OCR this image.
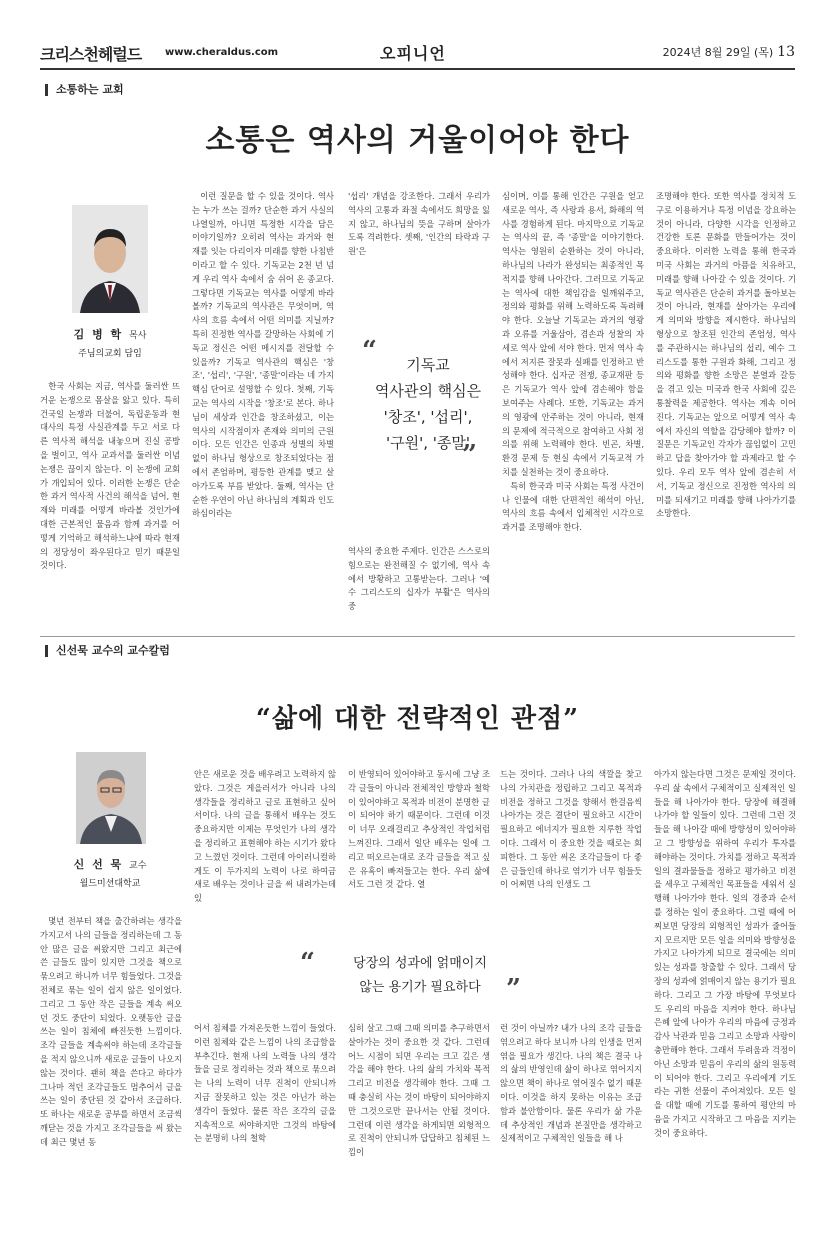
크리스천헤럴드 www.cheraldus.com	오피니언	2024년 8월 29일 (목) 13
소통하는 교회
소통은 역사의 거울이어야 한다
김 병 학 목사
주님의교회 담임

한국 사회는 지금, 역사를 둘러싼 뜨거운 논쟁으로 몸살을 앓고 있다. 특히 건국일 논쟁과 더불어, 독립운동과 현대사의 특정 사실관계를 두고 서로 다른 역사적 해석을 내놓으며 진실 공방을 벌이고, 역사 교과서를 둘러싼 이념 논쟁은 끊이지 않는다. 이 논쟁에 교회가 개입되어 있다. 이러한 논쟁은 단순한 과거 역사적 사건의 해석을 넘어, 현재와 미래를 어떻게 바라볼 것인가에 대한 근본적인 물음과 함께 과거를 어떻게 기억하고 해석하느냐에 따라 현재의 정당성이 좌우된다고 믿기 때문일 것이다.

이런 질문을 할 수 있을 것이다. 역사는 누가 쓰는 걸까? 단순한 과거 사실의 나열일까, 아니면 특정한 시각을 담은 이야기일까? 오히려 역사는 과거와 현재를 잇는 다리이자 미래를 향한 나침반이라고 할 수 있다. 기독교는 2천 년 넘게 우리 역사 속에서 숨 쉬어 온 종교다. 그렇다면 기독교는 역사를 어떻게 바라볼까? 기독교의 역사관은 무엇이며, 역사의 흐름 속에서 어떤 의미를 지닐까? 특히 진정한 역사를 갈망하는 사회에 기독교 정신은 어떤 메시지를 전달할 수 있을까? 기독교 역사관의 핵심은 '창조', '섭리', '구원', '종말'이라는 네 가지 핵심 단어로 설명할 수 있다. 첫째, 기독교는 역사의 시작을 '창조'로 본다. 하나님이 세상과 인간을 창조하셨고, 이는 역사의 시작점이자 존재와 의미의 근원이다. 모든 인간은 인종과 성별의 차별 없이 하나님 형상으로 창조되었다는 점에서 존엄하며, 평등한 관계를 맺고 살아가도록 부름 받았다. 둘째, 역사는 단순한 우연이 아닌 하나님의 계획과 인도하심이라는

'섭리' 개념을 강조한다. 그래서 우리가 역사의 고통과 좌절 속에서도 희망을 잃지 않고, 하나님의 뜻을 구하며 살아가도록 격려한다. 셋째, '인간의 타락과 구원'은

역사의 중요한 주제다. 인간은 스스로의 힘으로는 완전해질 수 없기에, 역사 속에서 방황하고 고통받는다. 그러나 '예수 그리스도의 십자가 부활'은 역사의 중

심이며, 이를 통해 인간은 구원을 얻고 새로운 역사, 즉 사랑과 용서, 화해의 역사를 경험하게 된다. 마지막으로 기독교는 역사의 끝, 즉 '종말'을 이야기한다. 역사는 영원히 순환하는 것이 아니라, 하나님의 나라가 완성되는 최종적인 목적지를 향해 나아간다. 그러므로 기독교는 역사에 대한 책임감을 일깨워주고, 정의와 평화를 위해 노력하도록 독려해야 한다. 오늘날 기독교는 과거의 영광과 오류를 거울삼아, 겸손과 성찰의 자세로 역사 앞에 서야 한다. 먼저 역사 속에서 저지른 잘못과 실패를 인정하고 반성해야 한다. 십자군 전쟁, 종교재판 등은 기독교가 역사 앞에 겸손해야 함을 보여주는 사례다. 또한, 기독교는 과거의 영광에 안주하는 것이 아니라, 현재의 문제에 적극적으로 참여하고 사회 정의를 위해 노력해야 한다. 빈곤, 차별, 환경 문제 등 현실 속에서 기독교적 가치를 실천하는 것이 중요하다.

특히 한국과 미국 사회는 특정 사건이나 인물에 대한 단편적인 해석이 아닌, 역사의 흐름 속에서 입체적인 시각으로 과거를 조명해야 한다.

조명해야 한다. 또한 역사를 정치적 도구로 이용하거나 특정 이념을 강요하는 것이 아니라, 다양한 시각을 인정하고 건강한 토론 문화를 만들어가는 것이 중요하다. 이러한 노력을 통해 한국과 미국 사회는 과거의 아픔을 치유하고, 미래를 향해 나아갈 수 있을 것이다. 기독교 역사관은 단순히 과거를 돌아보는 것이 아니라, 현재를 살아가는 우리에게 의미와 방향을 제시한다. 하나님의 형상으로 창조된 인간의 존엄성, 역사를 주관하시는 하나님의 섭리, 예수 그리스도를 통한 구원과 화해, 그리고 정의와 평화를 향한 소망은 분열과 갈등을 겪고 있는 미국과 한국 사회에 깊은 통찰력을 제공한다. 역사는 계속 이어진다. 기독교는 앞으로 어떻게 역사 속에서 자신의 역할을 감당해야 할까? 이 질문은 기독교인 각자가 끊임없이 고민하고 답을 찾아가야 할 과제라고 할 수 있다. 우리 모두 역사 앞에 겸손히 서서, 기독교 정신으로 진정한 역사의 의미를 되새기고 미래를 향해 나아가기를 소망한다.

“	기독교
역사관의 핵심은
'창조', '섭리',
'구원', '종말'
”
신선묵 교수의 교수칼럼
“삶에 대한 전략적인 관점”
신 선 묵 교수
월드미션대학교

몇년 전부터 책을 출간하려는 생각을 가지고서 나의 글들을 정리하는데 그 동안 많은 글을 써왔지만 그리고 최근에 쓴 글들도 많이 있지만 그것을 책으로 묶으려고 하니까 너무 힘들었다. 그것을 전체로 묶는 일이 쉽지 않은 일이었다. 그리고 그 동안 작은 글들을 계속 써오던 것도 중단이 되었다. 오랫동안 글을 쓰는 일이 침체에 빠진듯한 느낌이다. 조각 글들을 계속써야 하는데 조각글들을 적지 않으니까 새로운 글들이 나오지 않는 것이다. 괜히 책을 쓴다고 하다가 그나마 적던 조각글들도 멈추어서 글을 쓰는 일이 중단된 것 같아서 조급하다. 또 하나는 새로운 공부를 하면서 조금씩 깨닫는 것을 가지고 조각글들을 써 왔는데 최근 몇년 동

안은 새로운 것을 배우려고 노력하지 않았다. 그것은 게을러서가 아니라 나의 생각들을 정리하고 글로 표현하고 싶어서이다. 나의 글을 통해서 배우는 것도 중요하지만 이제는 무엇인가 나의 생각을 정리하고 표현해야 하는 시기가 왔다고 느꼈던 것이다. 그런데 아이러니컬하게도 이 두가지의 노력이 나로 하여금 새로 배우는 것이나 글을 써 내려가는데 있

어서 침체를 가져온듯한 느낌이 들었다. 이런 침체와 같은 느낌이 나의 조급함을 부추긴다. 현재 나의 노력들 나의 생각들을 글로 정리하는 것과 책으로 묶으려는 나의 노력이 너무 진척이 안되니까 지금 잘못하고 있는 것은 아닌가 하는 생각이 들었다. 물론 작은 조각의 글을 지속적으로 써야하지만 그것의 바탕에는 분명히 나의 철학

이 반영되어 있어야하고 동시에 그냥 조각 글들이 아니라 전체적인 방향과 철학이 있어야하고 목적과 비전이 분명한 글이 되어야 하기 때문이다. 그런데 이것이 너무 오래걸리고 추상적인 작업처럼 느껴진다. 그래서 일단 배우는 일에 그리고 떠오르는대로 조각 글들을 적고 싶은 유혹이 빠져들고는 한다. 우리 삶에서도 그런 것 같다. 열

심히 살고 그때 그때 의미를 추구하면서 살아가는 것이 중요한 것 같다. 그런데 어느 시점이 되면 우리는 크고 깊은 생각을 해야 한다. 나의 삶의 가치와 목적 그리고 비전을 생각해야 한다. 그때 그때 충실히 사는 것이 바탕이 되어야하지만 그것으로만 끝나서는 안될 것이다. 그런데 이런 생각을 하게되면 외형적으로 진척이 안되니까 답답하고 침체된 느낌이

드는 것이다. 그러나 나의 색깔을 찾고 나의 가치관을 정립하고 그리고 목적과 비전을 정하고 그것을 향해서 한걸음씩 나아가는 것은 결단이 필요하고 시간이 필요하고 에너지가 필요한 지루한 작업이다. 그래서 이 중요한 것을 때로는 회피한다. 그 동안 써온 조각글들이 다 좋은 글들인데 하나로 엮기가 너무 힘들듯이 어쩌면 나의 인생도 그

런 것이 아닐까? 내가 나의 조각 글들을 엮으려고 하다 보니까 나의 인생을 먼저 엮을 필요가 생긴다. 나의 책은 결국 나의 삶의 반영인데 삶이 하나로 엮어지지 않으면 책이 하나로 엮어질수 없기 때문이다. 이것을 하지 못하는 이유는 조급함과 불안함이다. 물론 우리가 삶 가운데 추상적인 개념과 본질만을 생각하고 실제적이고 구체적인 일들을 해 나

아가지 않는다면 그것은 문제일 것이다. 우리 삶 속에서 구체적이고 실제적인 일들을 해 나아가야 한다. 당장에 해결해나가야 할 일들이 있다. 그런데 그런 것들을 해 나아갈 때에 방향성이 있어야하고 그 방향성을 위하여 우리가 투자를 해야하는 것이다. 가치를 정하고 목적과 일의 결과물들을 정하고 평가하고 비전을 세우고 구체적인 목표들을 세워서 실행해 나아가야 한다. 일의 경중과 순서를 정하는 일이 중요하다. 그럴 때에 어찌보면 당장의 외형적인 성과가 줄어들지 모르지만 모든 일을 의미와 방향성을 가지고 나아가게 되므로 결국에는 의미있는 성과를 창출할 수 있다. 그래서 당장의 성과에 얽매이지 않는 용기가 필요하다. 그리고 그 가장 바탕에 무엇보다도 우리의 마음을 지켜야 한다. 하나님 은혜 앞에 나아가 우리의 마음에 긍정과 감사 낙관과 믿음 그리고 소망과 사랑이 충만해야 한다. 그래서 두려움과 걱정이 아닌 소망과 믿음이 우리의 삶의 원동력이 되어야 한다. 그리고 우리에게 기도라는 귀한 선물이 주어져있다. 모든 일을 대할 때에 기도를 통하여 평안의 마음을 가지고 시작하고 그 마음을 지키는 것이 중요하다.

“	당장의 성과에 얽매이지
않는 용기가 필요하다 ”
